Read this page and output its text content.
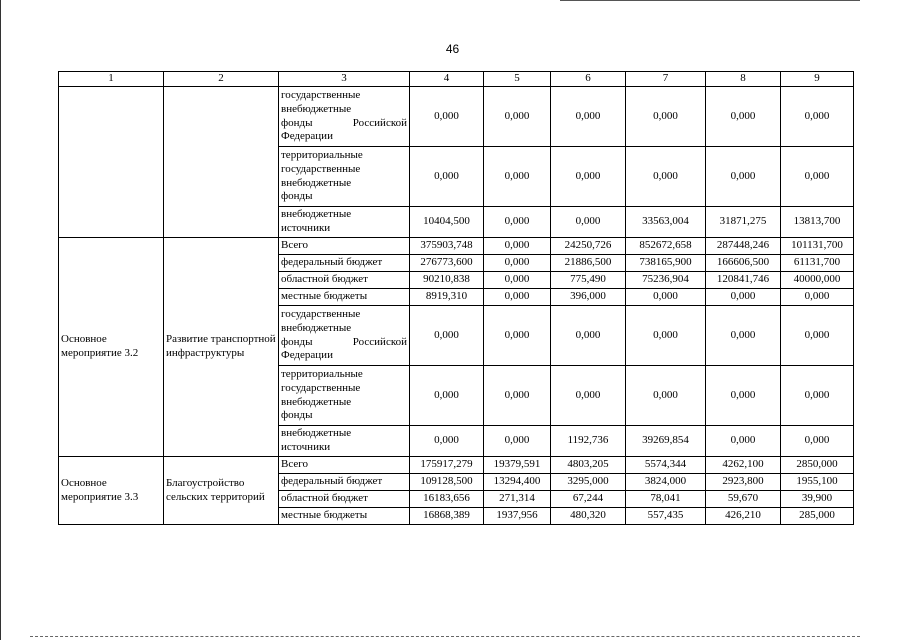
46
1	2	3	4	5	6	7	8	9

		государственные
внебюджетные
фонды Российской
Федерации	0,000	0,000	0,000	0,000	0,000	0,000

		территориальные
государственные
внебюджетные
фонды	0,000	0,000	0,000	0,000	0,000	0,000

		внебюджетные
источники	10404,500	0,000	0,000	33563,004	31871,275	13813,700
Основное мероприятие 3.2	Развитие транспортной инфраструктуры	Всего	375903,748	0,000	24250,726	852672,658	287448,246	101131,700

		федеральный бюджет	276773,600	0,000	21886,500	738165,900	166606,500	61131,700

		областной бюджет	90210,838	0,000	775,490	75236,904	120841,746	40000,000

		местные бюджеты	8919,310	0,000	396,000	0,000	0,000	0,000

		государственные
внебюджетные
фонды Российской
Федерации	0,000	0,000	0,000	0,000	0,000	0,000

		территориальные
государственные
внебюджетные
фонды	0,000	0,000	0,000	0,000	0,000	0,000

		внебюджетные
источники	0,000	0,000	1192,736	39269,854	0,000	0,000
Основное мероприятие 3.3	Благоустройство сельских территорий	Всего	175917,279	19379,591	4803,205	5574,344	4262,100	2850,000

		федеральный бюджет	109128,500	13294,400	3295,000	3824,000	2923,800	1955,100

		областной бюджет	16183,656	271,314	67,244	78,041	59,670	39,900

		местные бюджеты	16868,389	1937,956	480,320	557,435	426,210	285,000
